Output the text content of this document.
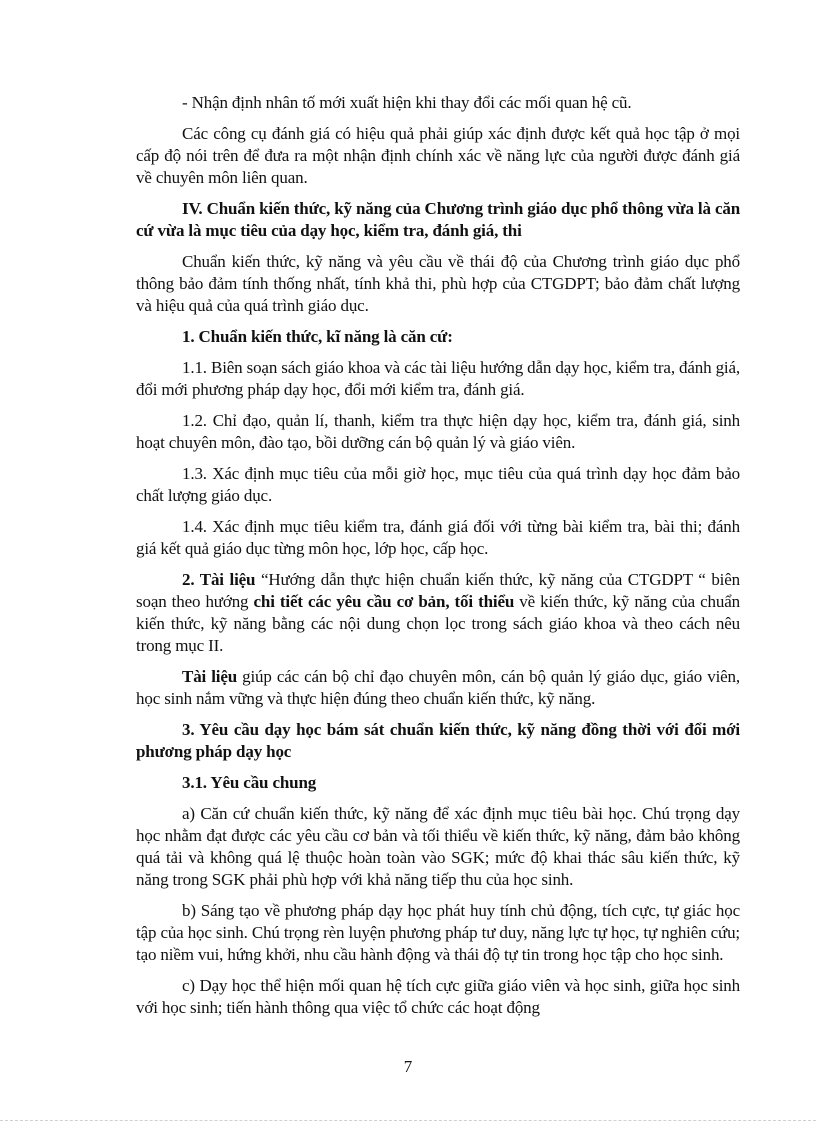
- Nhận định nhân tố mới xuất hiện khi thay đổi các mối quan hệ cũ.

Các công cụ đánh giá có hiệu quả phải giúp xác định được kết quả học tập ở mọi cấp độ nói trên để đưa ra một nhận định chính xác về năng lực của người được đánh giá về chuyên môn liên quan.

IV. Chuẩn kiến thức, kỹ năng của Chương trình giáo dục phổ thông vừa là căn cứ vừa là mục tiêu của dạy học, kiểm tra, đánh giá, thi

Chuẩn kiến thức, kỹ năng và yêu cầu về thái độ của Chương trình giáo dục phổ thông bảo đảm tính thống nhất, tính khả thi, phù hợp của CTGDPT; bảo đảm chất lượng và hiệu quả của quá trình giáo dục.

1. Chuẩn kiến thức, kĩ năng là căn cứ:

1.1. Biên soạn sách giáo khoa và các tài liệu hướng dẫn dạy học, kiểm tra, đánh giá, đổi mới phương pháp dạy học, đổi mới kiểm tra, đánh giá.

1.2. Chỉ đạo, quản lí, thanh, kiểm tra thực hiện dạy học, kiểm tra, đánh giá, sinh hoạt chuyên môn, đào tạo, bồi dưỡng cán bộ quản lý và giáo viên.

1.3. Xác định mục tiêu của mỗi giờ học, mục tiêu của quá trình dạy học đảm bảo chất lượng giáo dục.

1.4. Xác định mục tiêu kiểm tra, đánh giá đối với từng bài kiểm tra, bài thi; đánh giá kết quả giáo dục từng môn học, lớp học, cấp học.

2. Tài liệu “Hướng dẫn thực hiện chuẩn kiến thức, kỹ năng của CTGDPT “ biên soạn theo hướng chi tiết các yêu cầu cơ bản, tối thiểu về kiến thức, kỹ năng của chuẩn kiến thức, kỹ năng bằng các nội dung chọn lọc trong sách giáo khoa và theo cách nêu trong mục II.

Tài liệu giúp các cán bộ chỉ đạo chuyên môn, cán bộ quản lý giáo dục, giáo viên, học sinh nắm vững và thực hiện đúng theo chuẩn kiến thức, kỹ năng.

3. Yêu cầu dạy học bám sát chuẩn kiến thức, kỹ năng đồng thời với đổi mới phương pháp dạy học

3.1. Yêu cầu chung

a) Căn cứ chuẩn kiến thức, kỹ năng để xác định mục tiêu bài học. Chú trọng dạy học nhằm đạt được các yêu cầu cơ bản và tối thiểu về kiến thức, kỹ năng, đảm bảo không quá tải và không quá lệ thuộc hoàn toàn vào SGK; mức độ khai thác sâu kiến thức, kỹ năng trong SGK phải phù hợp với khả năng tiếp thu của học sinh.

b) Sáng tạo về phương pháp dạy học phát huy tính chủ động, tích cực, tự giác học tập của học sinh. Chú trọng rèn luyện phương pháp tư duy, năng lực tự học, tự nghiên cứu; tạo niềm vui, hứng khởi, nhu cầu hành động và thái độ tự tin trong học tập cho học sinh.

c) Dạy học thể hiện mối quan hệ tích cực giữa giáo viên và học sinh, giữa học sinh với học sinh; tiến hành thông qua việc tổ chức các hoạt động

7
